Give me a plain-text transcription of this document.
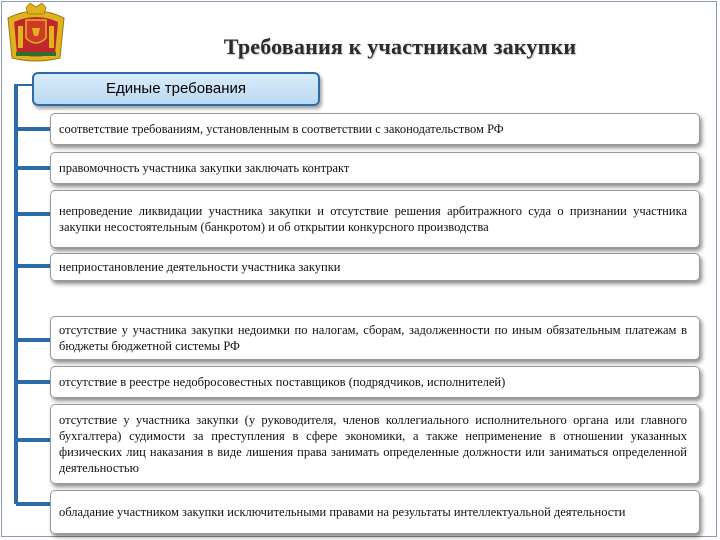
Требования к участникам закупки
Единые требования
соответствие требованиям, установленным в соответствии с законодательством РФ
правомочность участника закупки заключать контракт
непроведение ликвидации участника закупки и отсутствие решения арбитражного суда о признании участника закупки несостоятельным (банкротом) и об открытии конкурсного производства
неприостановление деятельности участника закупки
отсутствие у участника закупки недоимки по налогам, сборам, задолженности по иным обязательным платежам в бюджеты бюджетной системы РФ
отсутствие в реестре недобросовестных поставщиков (подрядчиков, исполнителей)
отсутствие у участника закупки (у руководителя, членов коллегиального исполнительного органа или главного бухгалтера) судимости за преступления в сфере экономики, а также неприменение в отношении указанных физических лиц наказания в виде лишения права занимать определенные должности или заниматься определенной деятельностью
обладание участником закупки исключительными правами на результаты интеллектуальной деятельности
